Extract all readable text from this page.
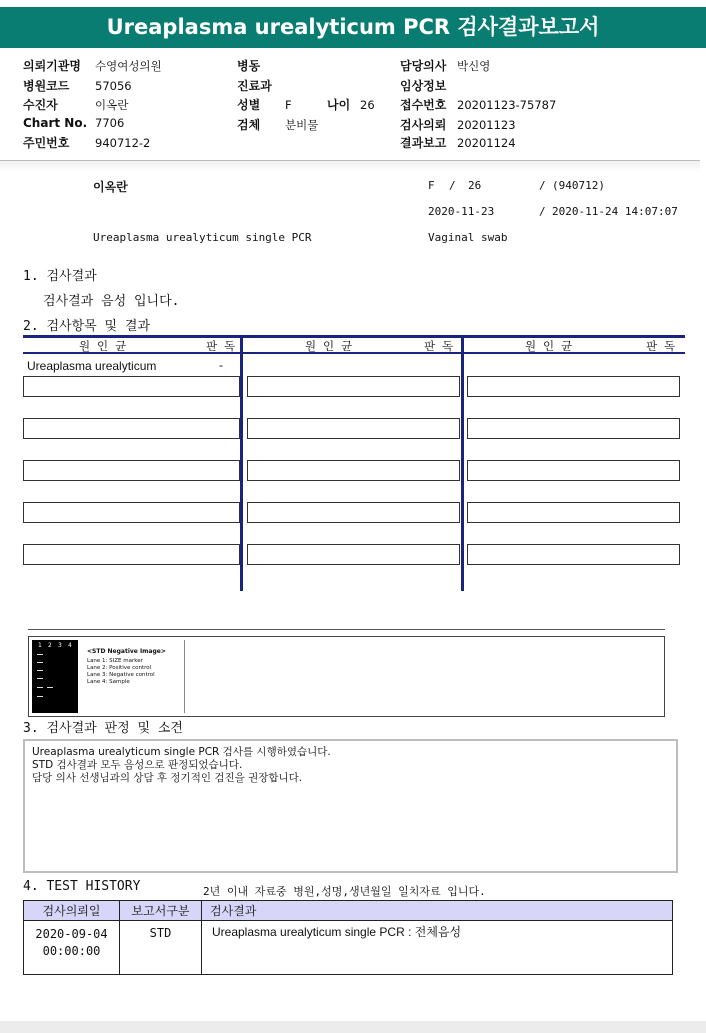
Ureaplasma urealyticum PCR 검사결과보고서
의뢰기관명 수영여성의원
병원코드 57056
수진자	이옥란
Chart No. 7706
주민번호 940712-2
병동
진료과
성별 F	나이 26
검체 분비물
담당의사 박신영
임상정보
접수번호 20201123-75787
검사의뢰 20201123
결과보고 20201124
이옥란	F / 26	/ (940712)
2020-11-23	/ 2020-11-24 14:07:07
Ureaplasma urealyticum single PCR	Vaginal swab
1. 검사결과
검사결과 음성 입니다.
2. 검사항목 및 결과
원 인 균	판 독	원 인 균	판 독	원 인 균	판 독
Ureaplasma urealyticum	-
1 2 3 4
<STD Negative Image>
Lane 1: SIZE marker
Lane 2: Positive control
Lane 3: Negative control
Lane 4: Sample
3. 검사결과 판정 및 소견
Ureaplasma urealyticum single PCR 검사를 시행하였습니다.
STD 검사결과 모두 음성으로 판정되었습니다.
담당 의사 선생님과의 상담 후 정기적인 검진을 권장합니다.
4. TEST HISTORY	2년 이내 자료중 병원,성명,생년월일 일치자료 입니다.
검사의뢰일	보고서구분	검사결과

2020-09-04
00:00:00	STD	Ureaplasma urealyticum single PCR : 전체음성
